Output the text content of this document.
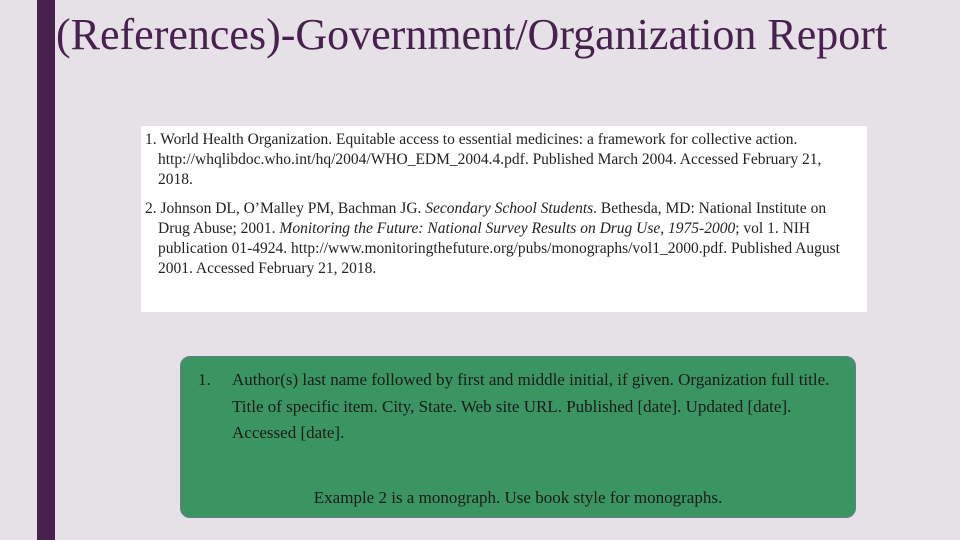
(References)-Government/Organization Report
1. World Health Organization. Equitable access to essential medicines: a framework for collective action. http://whqlibdoc.who.int/hq/2004/WHO_EDM_2004.4.pdf. Published March 2004. Accessed February 21, 2018.
2. Johnson DL, O’Malley PM, Bachman JG. Secondary School Students. Bethesda, MD: National Institute on Drug Abuse; 2001. Monitoring the Future: National Survey Results on Drug Use, 1975-2000; vol 1. NIH publication 01-4924. http://www.monitoringthefuture.org/pubs/monographs/vol1_2000.pdf. Published August 2001. Accessed February 21, 2018.
1. Author(s) last name followed by first and middle initial, if given. Organization full title. Title of specific item. City, State. Web site URL. Published [date]. Updated [date]. Accessed [date].
Example 2 is a monograph. Use book style for monographs.
